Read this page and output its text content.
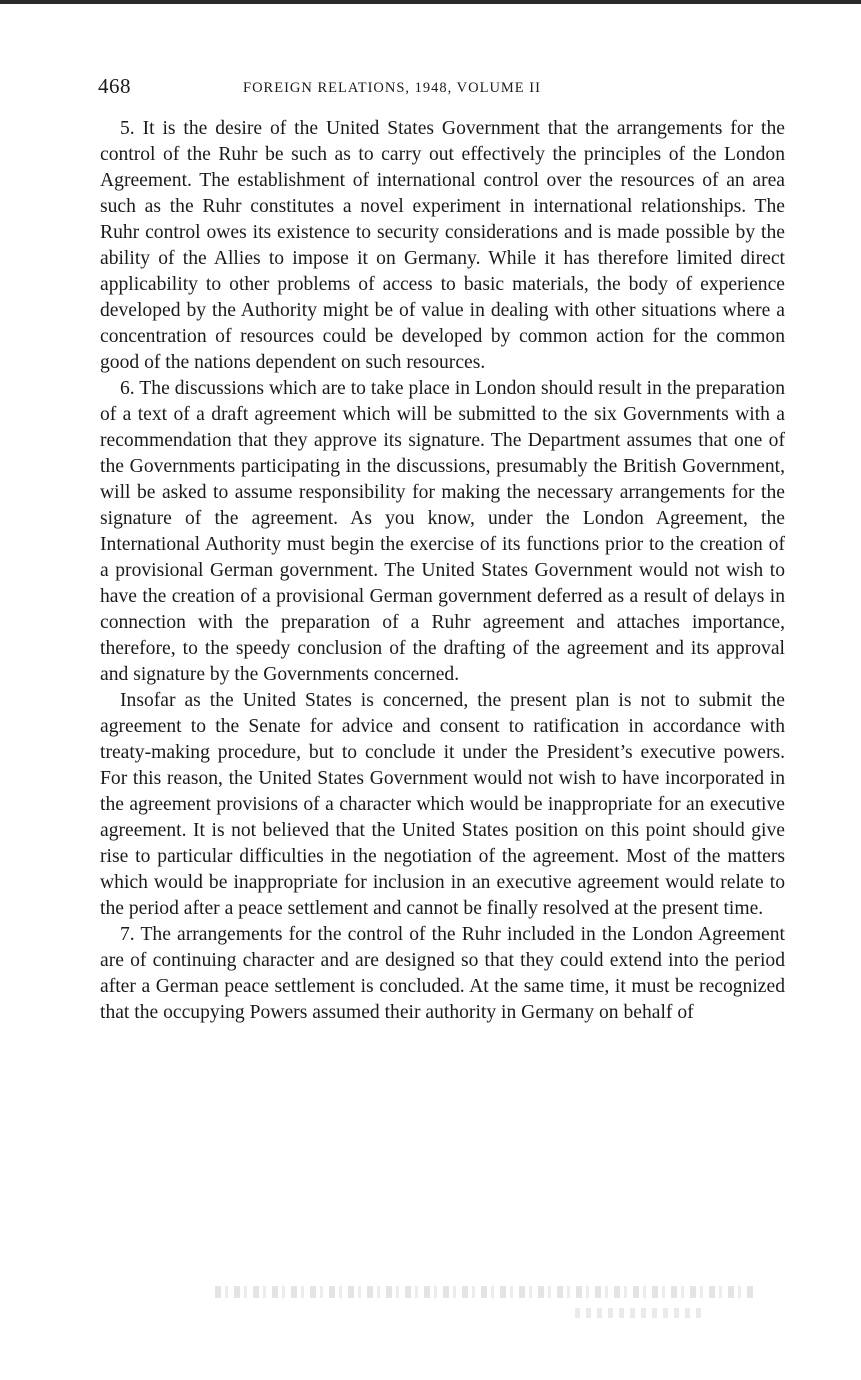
468	FOREIGN RELATIONS, 1948, VOLUME II

5. It is the desire of the United States Government that the arrangements for the control of the Ruhr be such as to carry out effectively the principles of the London Agreement. The establishment of international control over the resources of an area such as the Ruhr constitutes a novel experiment in international relationships. The Ruhr control owes its existence to security considerations and is made possible by the ability of the Allies to impose it on Germany. While it has therefore limited direct applicability to other problems of access to basic materials, the body of experience developed by the Authority might be of value in dealing with other situations where a concentration of resources could be developed by common action for the common good of the nations dependent on such resources.

6. The discussions which are to take place in London should result in the preparation of a text of a draft agreement which will be submitted to the six Governments with a recommendation that they approve its signature. The Department assumes that one of the Governments participating in the discussions, presumably the British Government, will be asked to assume responsibility for making the necessary arrangements for the signature of the agreement. As you know, under the London Agreement, the International Authority must begin the exercise of its functions prior to the creation of a provisional German government. The United States Government would not wish to have the creation of a provisional German government deferred as a result of delays in connection with the preparation of a Ruhr agreement and attaches importance, therefore, to the speedy conclusion of the drafting of the agreement and its approval and signature by the Governments concerned.

Insofar as the United States is concerned, the present plan is not to submit the agreement to the Senate for advice and consent to ratification in accordance with treaty-making procedure, but to conclude it under the President’s executive powers. For this reason, the United States Government would not wish to have incorporated in the agreement provisions of a character which would be inappropriate for an executive agreement. It is not believed that the United States position on this point should give rise to particular difficulties in the negotiation of the agreement. Most of the matters which would be inappropriate for inclusion in an executive agreement would relate to the period after a peace settlement and cannot be finally resolved at the present time.

7. The arrangements for the control of the Ruhr included in the London Agreement are of continuing character and are designed so that they could extend into the period after a German peace settlement is concluded. At the same time, it must be recognized that the occupying Powers assumed their authority in Germany on behalf of
